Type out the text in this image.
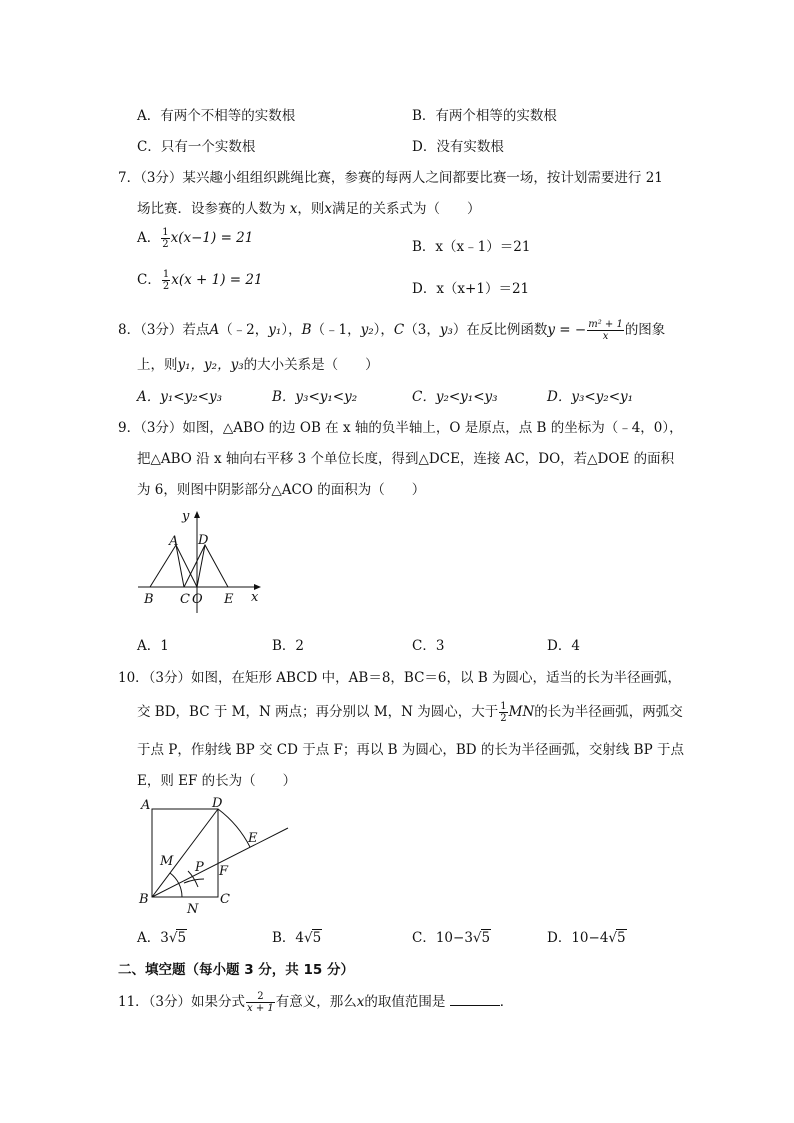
A．有两个不相等的实数根	B．有两个相等的实数根
C．只有一个实数根	D．没有实数根
7．（3分）某兴趣小组组织跳绳比赛，参赛的每两人之间都要比赛一场，按计划需要进行 21
场比赛．设参赛的人数为 x，则x满足的关系式为（　　）
A． $\frac{1}{2} x(x-1) = 21$
B．x（x﹣1）＝21
C． $\frac{1}{2} x(x + 1) = 21$
D．x（x+1）＝21
8．（3分）若点A（﹣2，y₁），B（﹣1，y₂），C（3，y₃）在反比例函数y = − $\frac{\text{m² + 1}}{x}$ 的图象
上，则y₁，y₂，y₃的大小关系是（　　）
A．y₁<y₂<y₃	B．y₃<y₁<y₂	C．y₂<y₁<y₃	D．y₃<y₂<y₁
9．（3分）如图，△ABO 的边 OB 在 x 轴的负半轴上，O 是原点，点 B 的坐标为（﹣4，0），
把△ABO 沿 x 轴向右平移 3 个单位长度，得到△DCE，连接 AC，DO，若△DOE 的面积
为 6，则图中阴影部分△ACO 的面积为（　　）
y
A D
B C O E x
A．1	B．2	C．3	D．4
10．（3分）如图，在矩形 ABCD 中，AB＝8，BC＝6，以 B 为圆心，适当的长为半径画弧，
交 BD，BC 于 M，N 两点；再分别以 M，N 为圆心，大于 $\frac{1}{2}$ MN的长为半径画弧，两弧交
于点 P，作射线 BP 交 CD 于点 F；再以 B 为圆心，BD 的长为半径画弧，交射线 BP 于点
E，则 EF 的长为（　　）
A	D
E
M P F
B
N
C
A．3√5	B．4√5	C．10−3√5	D．10−4√5
二、填空题（每小题 3 分，共 15 分）
11．（3分）如果分式 $\frac{2}{x + 1}$ 有意义，那么x的取值范围是	．
